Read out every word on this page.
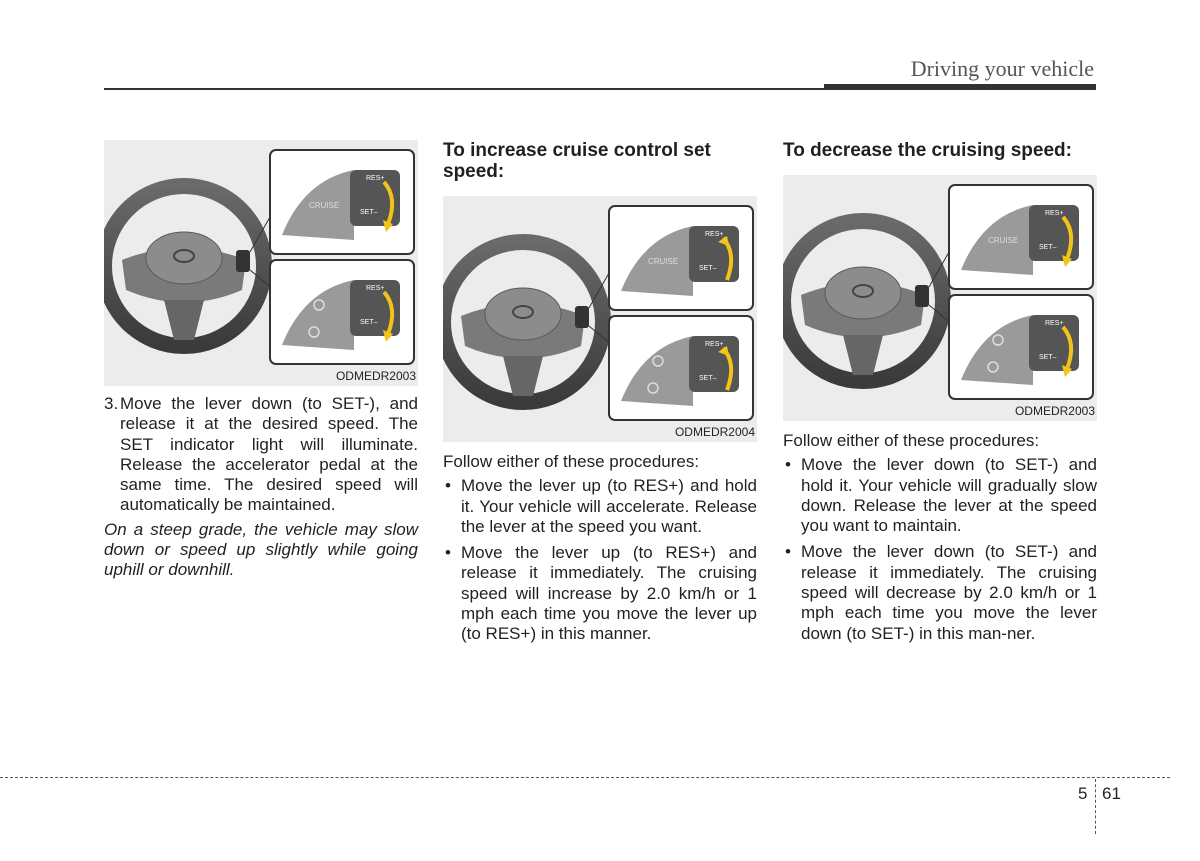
Driving your vehicle
CRUISE
RES+
SET–
RES+
SET–
ODMEDR2003
3. Move the lever down (to SET-), and release it at the desired speed. The SET indicator light will illuminate. Release the accelerator pedal at the same time. The desired speed will automatically be maintained.
On a steep grade, the vehicle may slow down or speed up slightly while going uphill or downhill.
To increase cruise control set speed:
CRUISE
RES+
SET–
RES+
SET–
ODMEDR2004
Follow either of these procedures:
• Move the lever up (to RES+) and hold it. Your vehicle will accelerate. Release the lever at the speed you want.
• Move the lever up (to RES+) and release it immediately. The cruising speed will increase by 2.0 km/h or 1 mph each time you move the lever up (to RES+) in this manner.
To decrease the cruising speed:
CRUISE
RES+
SET–
RES+
SET–
ODMEDR2003
Follow either of these procedures:
• Move the lever down (to SET-) and hold it. Your vehicle will gradually slow down. Release the lever at the speed you want to maintain.
• Move the lever down (to SET-) and release it immediately. The cruising speed will decrease by 2.0 km/h or 1 mph each time you move the lever down (to SET-) in this man-ner.
5 61
